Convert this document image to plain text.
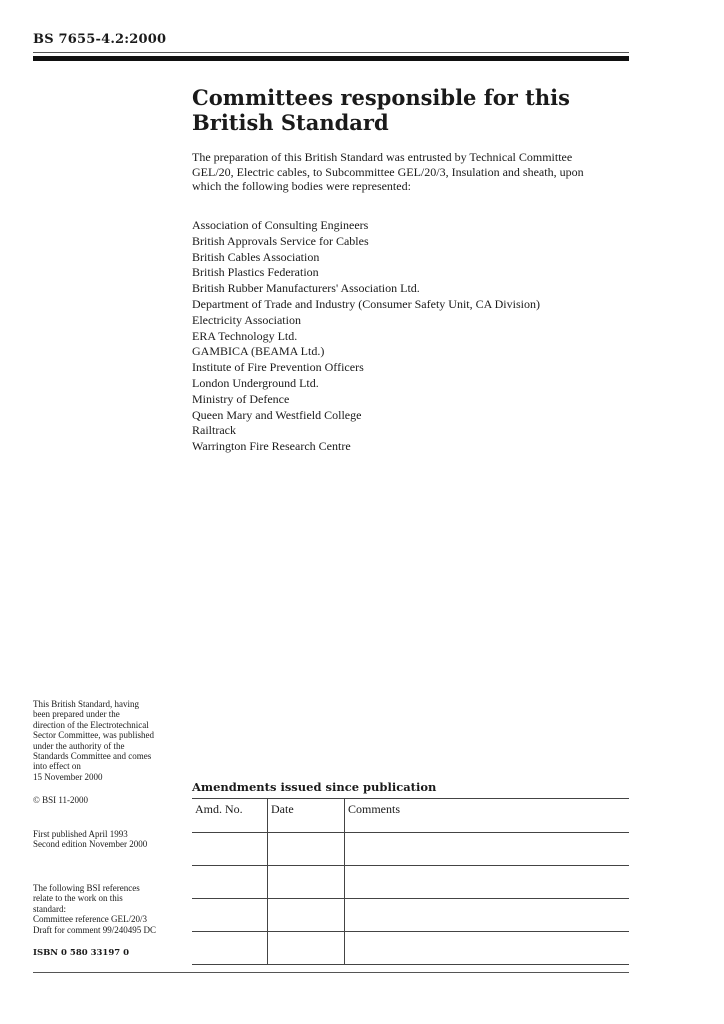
BS 7655-4.2:2000
Committees responsible for this
British Standard
The preparation of this British Standard was entrusted by Technical Committee
GEL/20, Electric cables, to Subcommittee GEL/20/3, Insulation and sheath, upon
which the following bodies were represented:
Association of Consulting Engineers
British Approvals Service for Cables
British Cables Association
British Plastics Federation
British Rubber Manufacturers' Association Ltd.
Department of Trade and Industry (Consumer Safety Unit, CA Division)
Electricity Association
ERA Technology Ltd.
GAMBICA (BEAMA Ltd.)
Institute of Fire Prevention Officers
London Underground Ltd.
Ministry of Defence
Queen Mary and Westfield College
Railtrack
Warrington Fire Research Centre
This British Standard, having
been prepared under the
direction of the Electrotechnical
Sector Committee, was published
under the authority of the
Standards Committee and comes
into effect on
15 November 2000
© BSI 11-2000
First published April 1993
Second edition November 2000
The following BSI references
relate to the work on this
standard:
Committee reference GEL/20/3
Draft for comment 99/240495 DC
ISBN 0 580 33197 0
Amendments issued since publication
Amd. No.	Date	Comments
